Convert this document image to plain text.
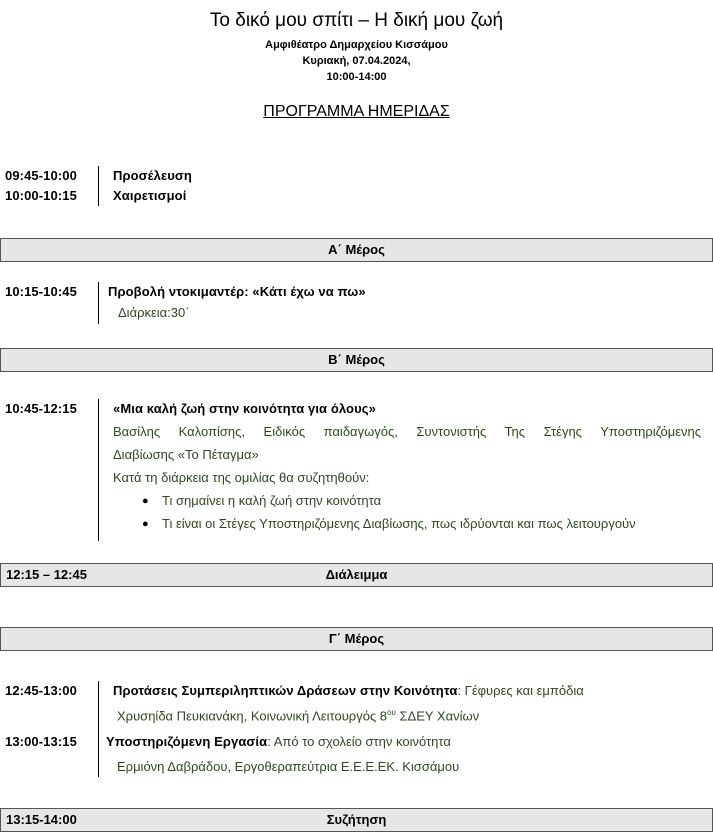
Το δικό μου σπίτι – Η δική μου ζωή
Αμφιθέατρο Δημαρχείου Κισσάμου
Κυριακή, 07.04.2024,
10:00-14:00
ΠΡΟΓΡΑΜΜΑ ΗΜΕΡΙΔΑΣ
09:45-10:00	Προσέλευση
10:00-10:15	Χαιρετισμοί
Α΄ Μέρος
10:15-10:45 Προβολή ντοκιμαντέρ: «Κάτι έχω να πω»
Διάρκεια:30΄
Β΄ Μέρος
10:45-12:15	«Μια καλή ζωή στην κοινότητα για όλους»
Βασίλης Καλοπίσης, Ειδικός παιδαγωγός, Συντονιστής Της Στέγης Υποστηριζόμενης
Διαβίωσης «Το Πέταγμα»
Κατά τη διάρκεια της ομιλίας θα συζητηθούν:
● Τι σημαίνει η καλή ζωή στην κοινότητα
● Τι είναι οι Στέγες Υποστηριζόμενης Διαβίωσης, πως ιδρύονται και πως λειτουργούν
12:15 – 12:45	Διάλειμμα
Γ΄ Μέρος
12:45-13:00	Προτάσεις Συμπεριληπτικών Δράσεων στην Κοινότητα: Γέφυρες και εμπόδια
Χρυσηίδα Πευκιανάκη, Κοινωνική Λειτουργός $8^{o\upsilon}$ ΣΔΕΥ Χανίων
13:00-13:15 Υποστηριζόμενη Εργασία: Από το σχολείο στην κοινότητα
Ερμιόνη Δαβράδου, Εργοθεραπεύτρια Ε.Ε.Ε.ΕΚ. Κισσάμου
13:15-14:00	Συζήτηση
